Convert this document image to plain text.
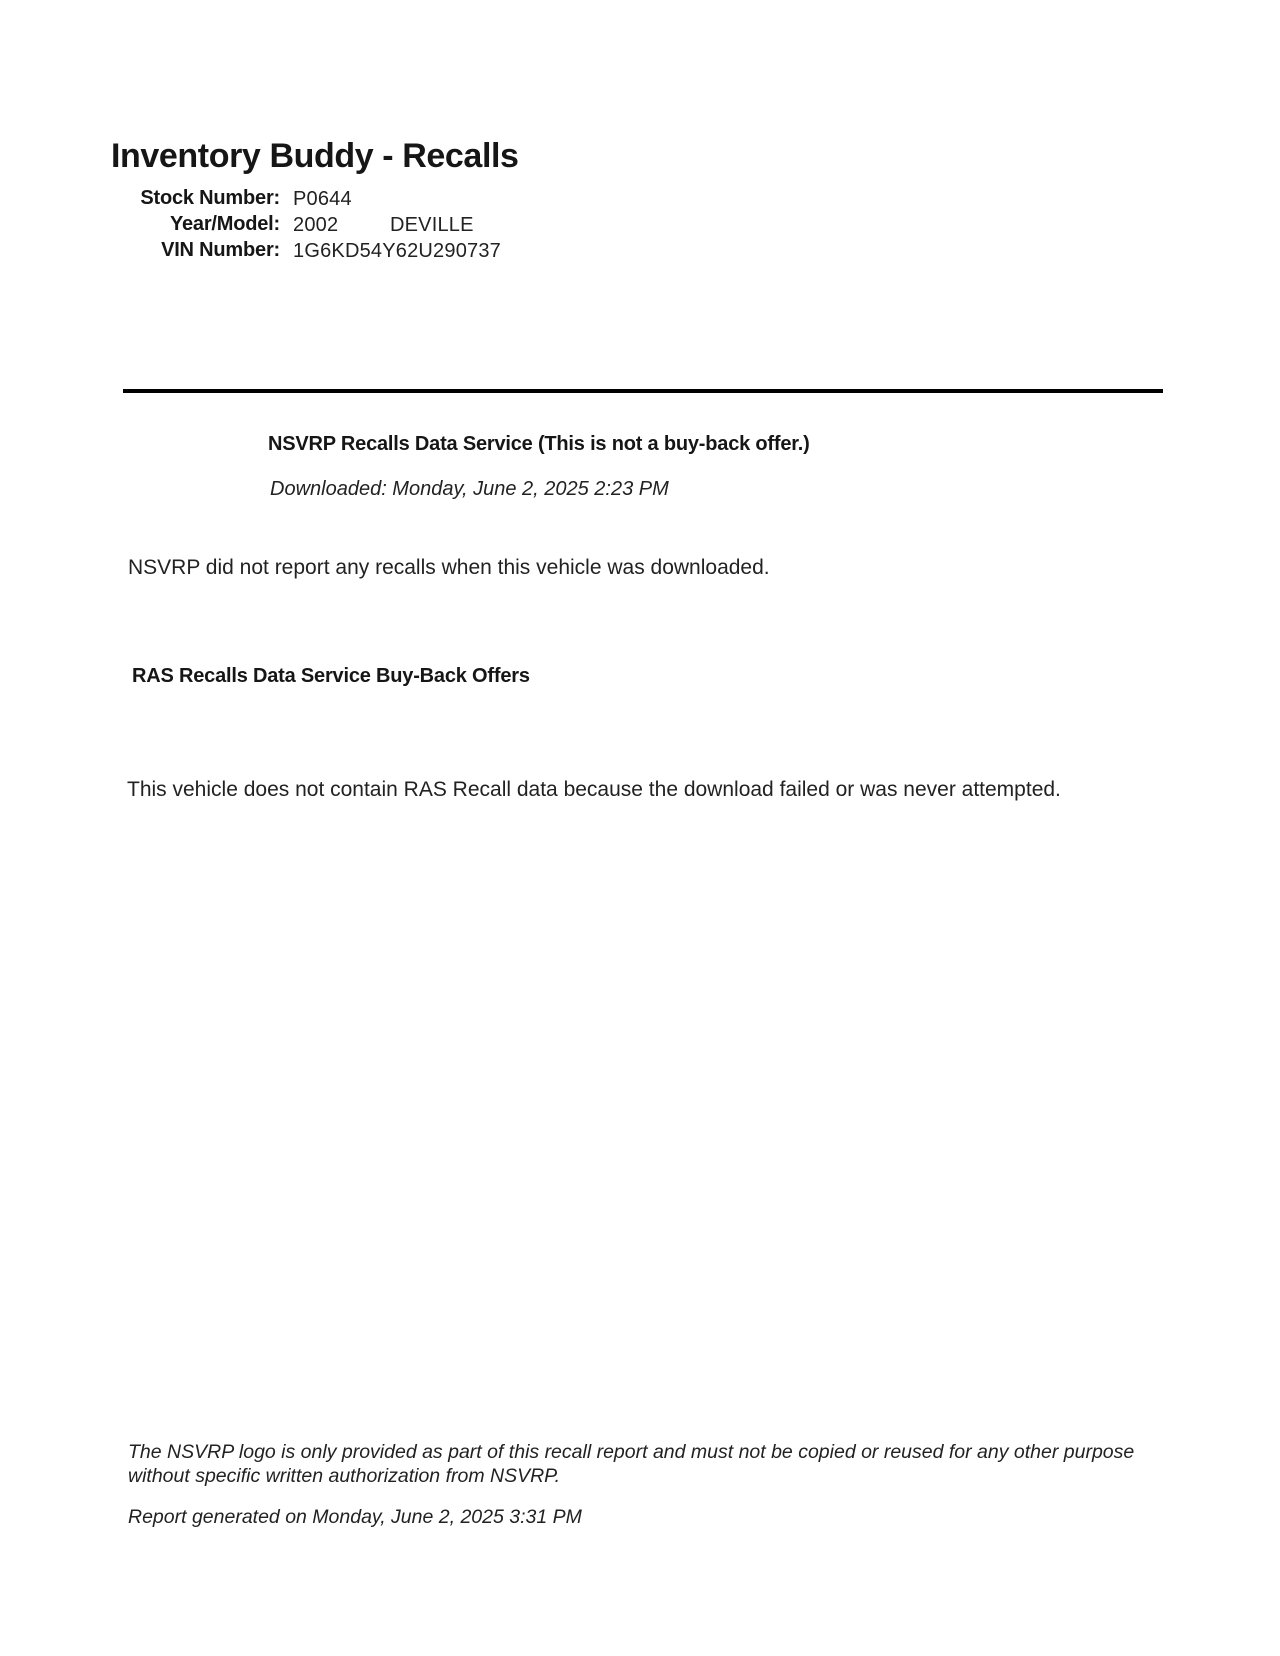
Inventory Buddy - Recalls
Stock Number: P0644
Year/Model: 2002	DEVILLE
VIN Number: 1G6KD54Y62U290737
NSVRP Recalls Data Service (This is not a buy-back offer.)
Downloaded: Monday, June 2, 2025 2:23 PM
NSVRP did not report any recalls when this vehicle was downloaded.
RAS Recalls Data Service Buy-Back Offers
This vehicle does not contain RAS Recall data because the download failed or was never attempted.
The NSVRP logo is only provided as part of this recall report and must not be copied or reused for any other purpose without specific written authorization from NSVRP.
Report generated on Monday, June 2, 2025 3:31 PM
